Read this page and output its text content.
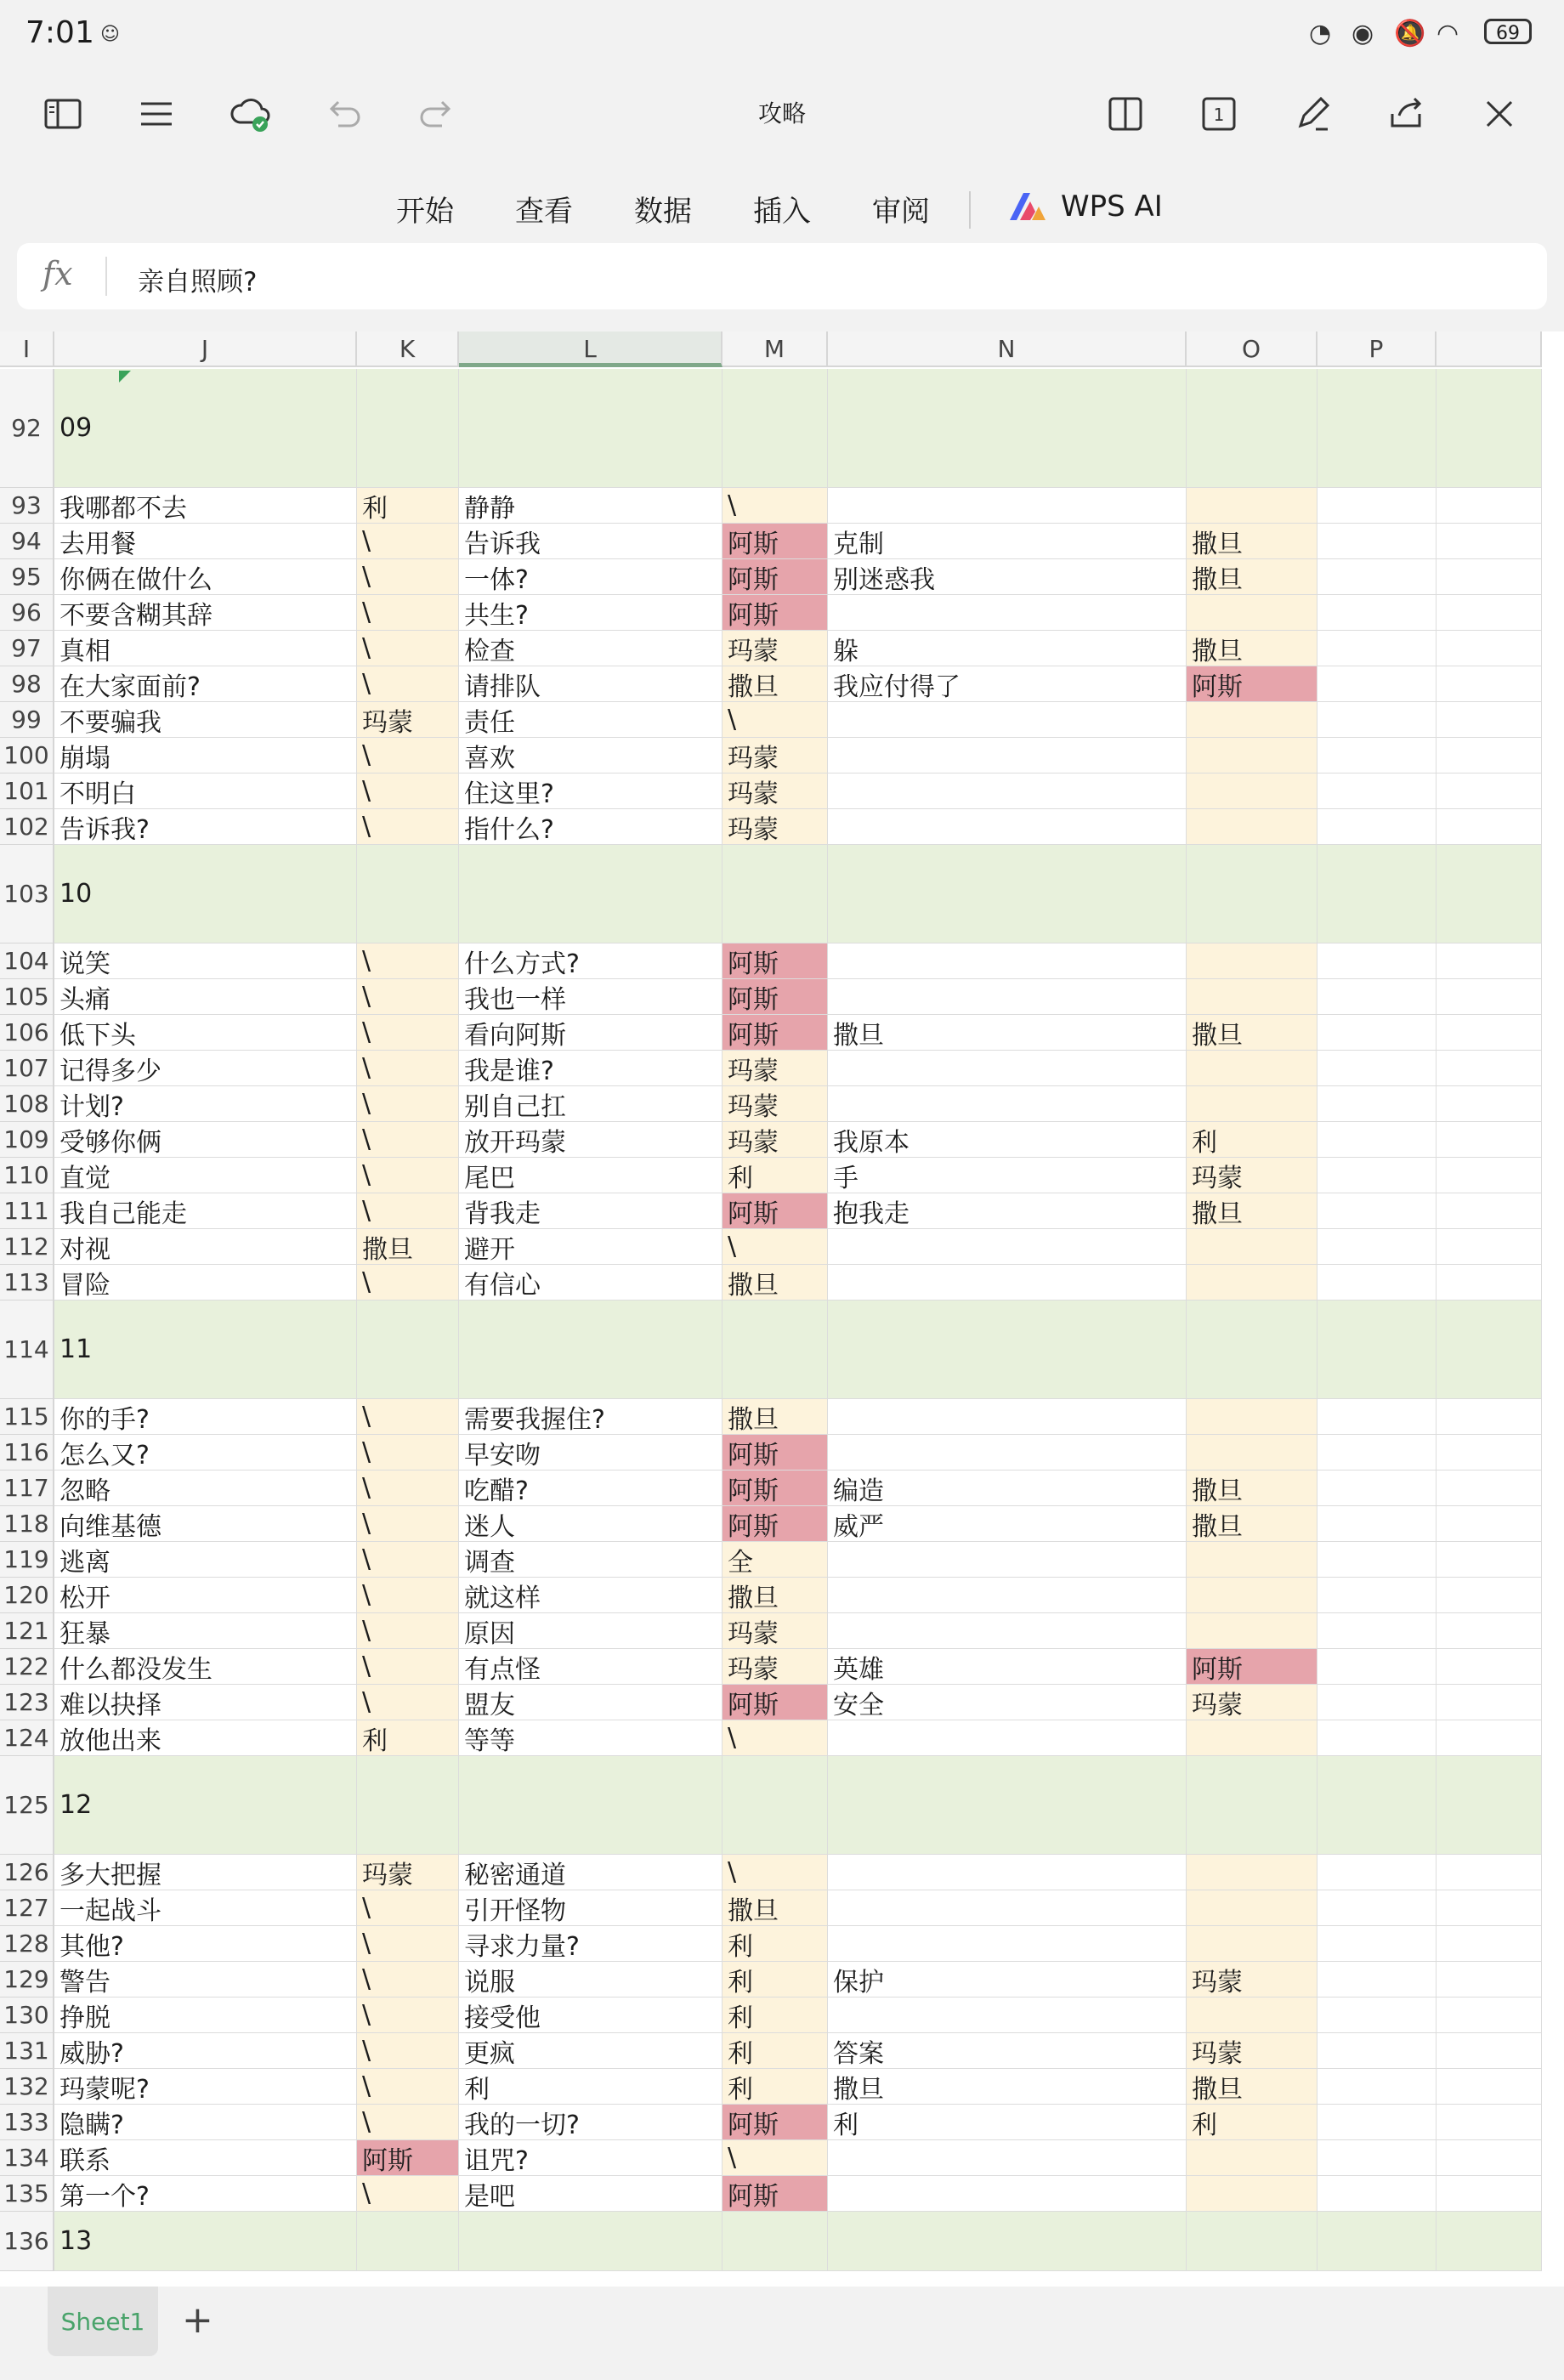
7:01 ☺	◔ ◉ 🔕 ◠	69
1
攻略
开始 查看 数据 插入 审阅	WPS AI
fx 亲自照顾?
I	J	K	L	M	N	O	P
92 09
93 我哪都不去	利	静静	\
94 去用餐	\	告诉我	阿斯	克制	撒旦
95 你俩在做什么	\	一体?	阿斯	别迷惑我	撒旦
96 不要含糊其辞	\	共生?	阿斯
97 真相	\	检查	玛蒙	躲	撒旦
98 在大家面前?	\	请排队	撒旦	我应付得了	阿斯
99 不要骗我	玛蒙	责任	\
100 崩塌	\	喜欢	玛蒙
101 不明白	\	住这里?	玛蒙
102 告诉我?	\	指什么?	玛蒙
103 10
104 说笑	\	什么方式?	阿斯
105 头痛	\	我也一样	阿斯
106 低下头	\	看向阿斯	阿斯	撒旦	撒旦
107 记得多少	\	我是谁?	玛蒙
108 计划?	\	别自己扛	玛蒙
109 受够你俩	\	放开玛蒙	玛蒙	我原本	利
110 直觉	\	尾巴	利	手	玛蒙
111 我自己能走	\	背我走	阿斯	抱我走	撒旦
112 对视	撒旦	避开	\
113 冒险	\	有信心	撒旦
114 11
115 你的手?	\	需要我握住?	撒旦
116 怎么又?	\	早安吻	阿斯
117 忽略	\	吃醋?	阿斯	编造	撒旦
118 向维基德	\	迷人	阿斯	威严	撒旦
119 逃离	\	调查	全
120 松开	\	就这样	撒旦
121 狂暴	\	原因	玛蒙
122 什么都没发生	\	有点怪	玛蒙	英雄	阿斯
123 难以抉择	\	盟友	阿斯	安全	玛蒙
124 放他出来	利	等等	\
125 12
126 多大把握	玛蒙	秘密通道	\
127 一起战斗	\	引开怪物	撒旦
128 其他?	\	寻求力量?	利
129 警告	\	说服	利	保护	玛蒙
130 挣脱	\	接受他	利
131 威胁?	\	更疯	利	答案	玛蒙
132 玛蒙呢?	\	利	利	撒旦	撒旦
133 隐瞒?	\	我的一切?	阿斯	利	利
134 联系	阿斯	诅咒?	\
135 第一个?	\	是吧	阿斯
136 13
Sheet1 +
